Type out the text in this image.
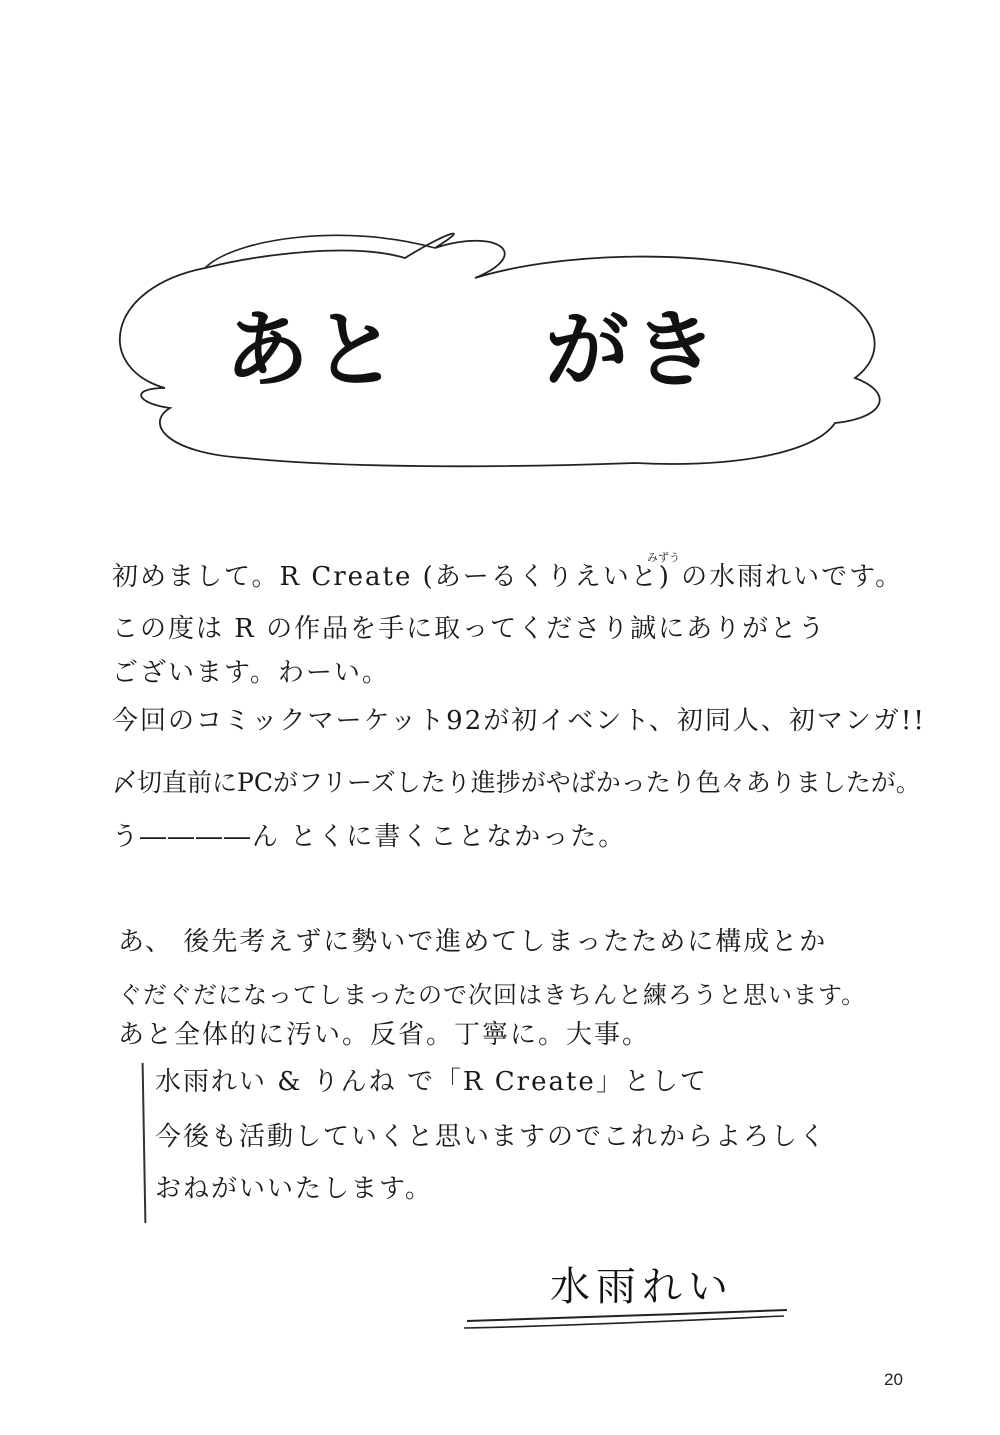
あと

がき

みずう
初めまして。R Create (あーるくりえいと) の水雨れいです。
この度は R の作品を手に取ってくださり誠にありがとう
ございます。わーい。
今回のコミックマーケット92が初イベント、初同人、初マンガ!!
〆切直前にPCがフリーズしたり進捗がやばかったり色々ありましたが。
う――――ん とくに書くことなかった。
あ、 後先考えずに勢いで進めてしまったために構成とか
ぐだぐだになってしまったので次回はきちんと練ろうと思います。
あと全体的に汚い。反省。丁寧に。大事。
水雨れい & りんね で「R Create」として
今後も活動していくと思いますのでこれからよろしく
おねがいいたします。
水雨れい
20
